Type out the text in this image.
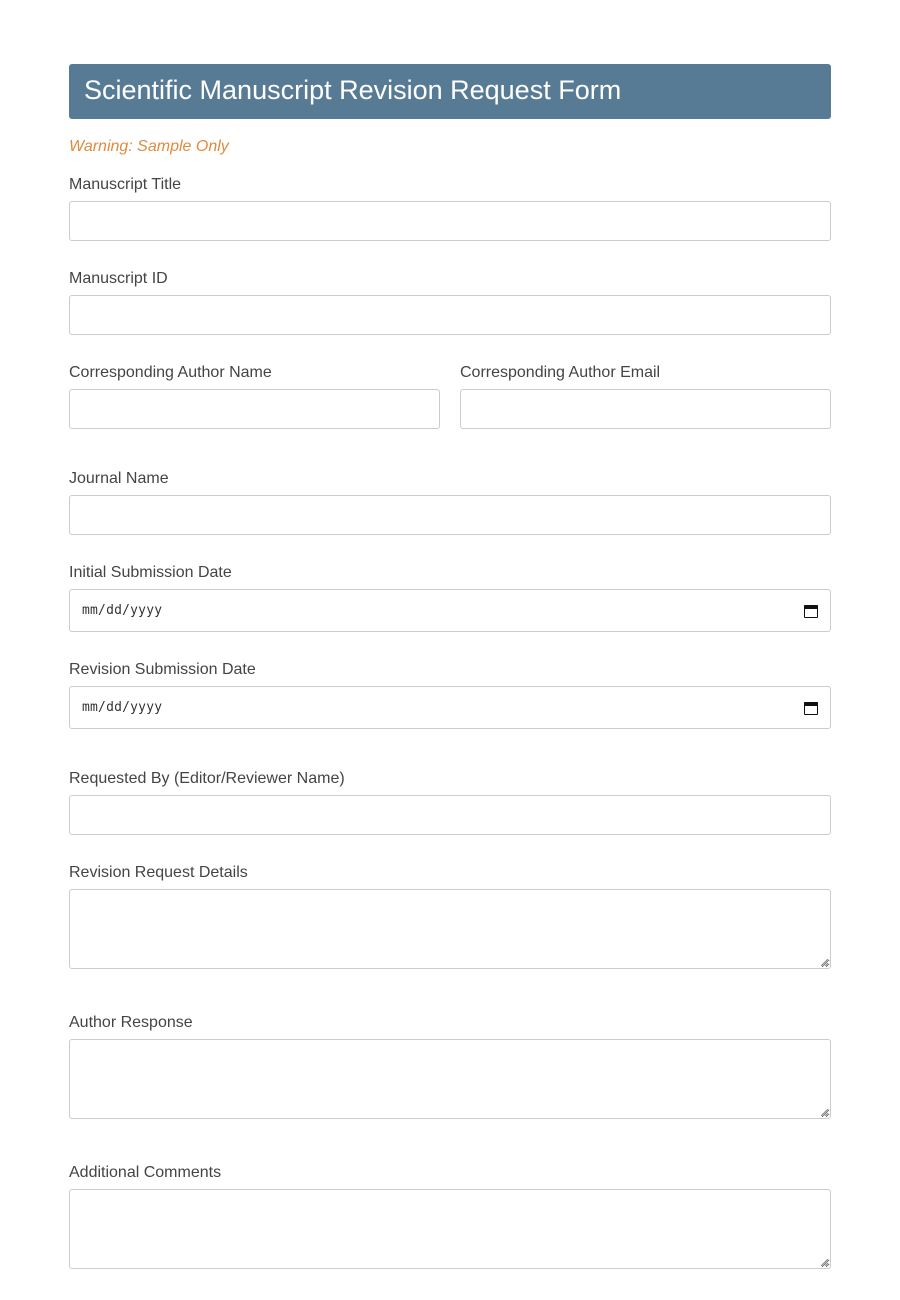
Scientific Manuscript Revision Request Form
Warning: Sample Only
Manuscript Title
Manuscript ID
Corresponding Author Name	Corresponding Author Email
Journal Name
Initial Submission Date
mm/dd/yyyy
Revision Submission Date
mm/dd/yyyy
Requested By (Editor/Reviewer Name)
Revision Request Details
Author Response
Additional Comments
